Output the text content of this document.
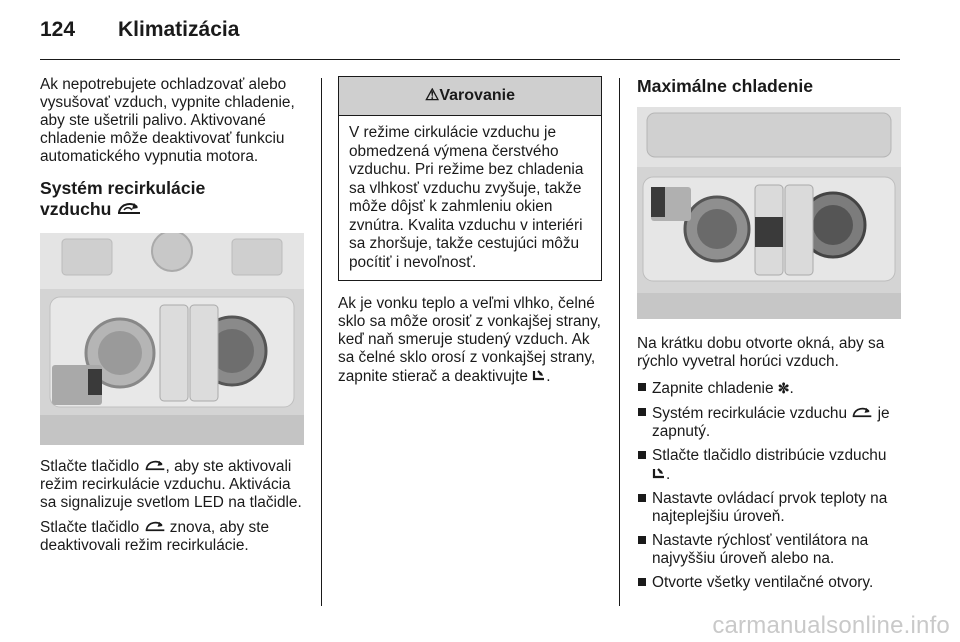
124 Klimatizácia

Ak nepotrebujete ochladzovať alebo vysušovať vzduch, vypnite chladenie, aby ste ušetrili palivo. Aktivované chladenie môže deaktivovať funkciu automatického vypnutia motora.

Systém recirkulácie
vzduchu

Stlačte tlačidlo , aby ste aktivovali režim recirkulácie vzduchu. Aktivácia sa signalizuje svetlom LED na tlačidle.

Stlačte tlačidlo  znova, aby ste deaktivovali režim recirkulácie.

⚠Varovanie
V režime cirkulácie vzduchu je obmedzená výmena čerstvého vzduchu. Pri režime bez chladenia sa vlhkosť vzduchu zvyšuje, takže môže dôjsť k zahmleniu okien zvnútra. Kvalita vzduchu v interiéri sa zhoršuje, takže cestujúci môžu pocítiť i nevoľnosť.

Ak je vonku teplo a veľmi vlhko, čelné sklo sa môže orosiť z vonkajšej strany, keď naň smeruje studený vzduch. Ak sa čelné sklo orosí z vonkajšej strany, zapnite stierač a deaktivujte .

Maximálne chladenie

Na krátku dobu otvorte okná, aby sa rýchlo vyvetral horúci vzduch.

Zapnite chladenie ✼.
Systém recirkulácie vzduchu  je zapnutý.
Stlačte tlačidlo distribúcie vzduchu
.
Nastavte ovládací prvok teploty na najteplejšiu úroveň.
Nastavte rýchlosť ventilátora na najvyššiu úroveň alebo na.
Otvorte všetky ventilačné otvory.
carmanualsonline.info
